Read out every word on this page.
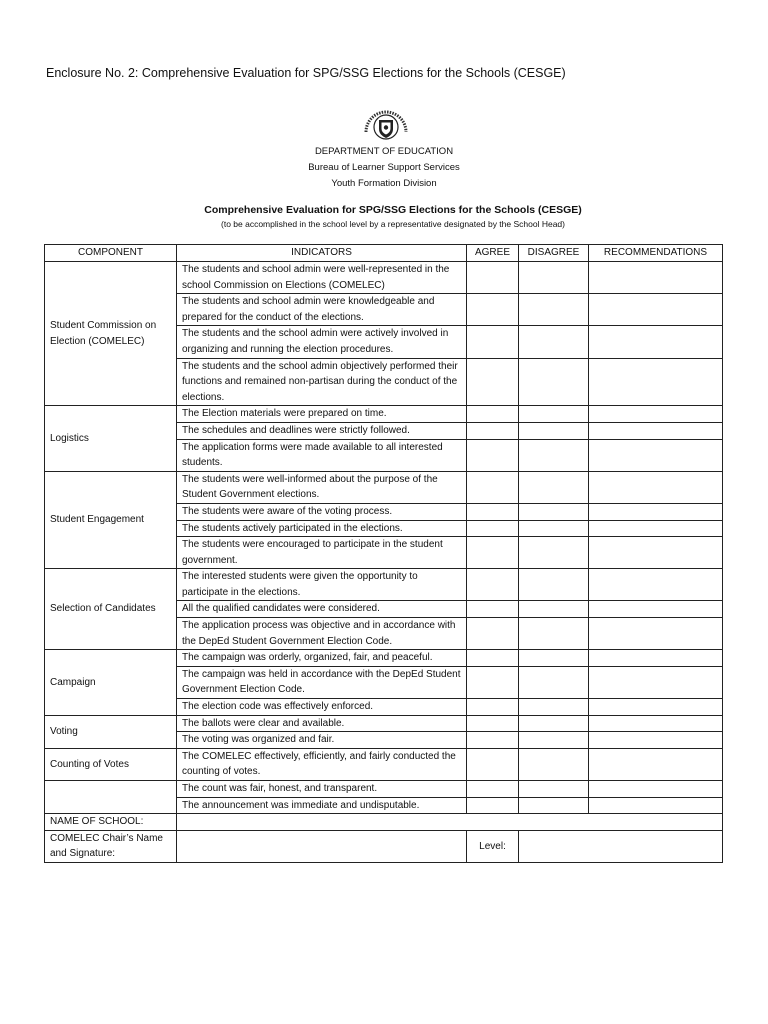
Enclosure No. 2: Comprehensive Evaluation for SPG/SSG Elections for the Schools (CESGE)
DEPARTMENT OF EDUCATION
Bureau of Learner Support Services
Youth Formation Division
Comprehensive Evaluation for SPG/SSG Elections for the Schools (CESGE)
(to be accomplished in the school level by a representative designated by the School Head)
COMPONENT	INDICATORS	AGREE	DISAGREE	RECOMMENDATIONS
Student Commission on Election (COMELEC)	The students and school admin were well-represented in the school Commission on Elections (COMELEC)			
	The students and school admin were knowledgeable and prepared for the conduct of the elections.			
	The students and the school admin were actively involved in organizing and running the election procedures.			
	The students and the school admin objectively performed their functions and remained non-partisan during the conduct of the elections.			
Logistics	The Election materials were prepared on time.			
	The schedules and deadlines were strictly followed.			
	The application forms were made available to all interested students.			
Student Engagement	The students were well-informed about the purpose of the Student Government elections.			
	The students were aware of the voting process.			
	The students actively participated in the elections.			
	The students were encouraged to participate in the student government.			
Selection of Candidates	The interested students were given the opportunity to participate in the elections.			
	All the qualified candidates were considered.			
	The application process was objective and in accordance with the DepEd Student Government Election Code.			
Campaign	The campaign was orderly, organized, fair, and peaceful.			
	The campaign was held in accordance with the DepEd Student Government Election Code.			
	The election code was effectively enforced.			
Voting	The ballots were clear and available.			
	The voting was organized and fair.			
Counting of Votes	The COMELEC effectively, efficiently, and fairly conducted the counting of votes.			
	The count was fair, honest, and transparent.			
	The announcement was immediate and undisputable.			
NAME OF SCHOOL:				
COMELEC Chair’s Name and Signature:		Level:		
